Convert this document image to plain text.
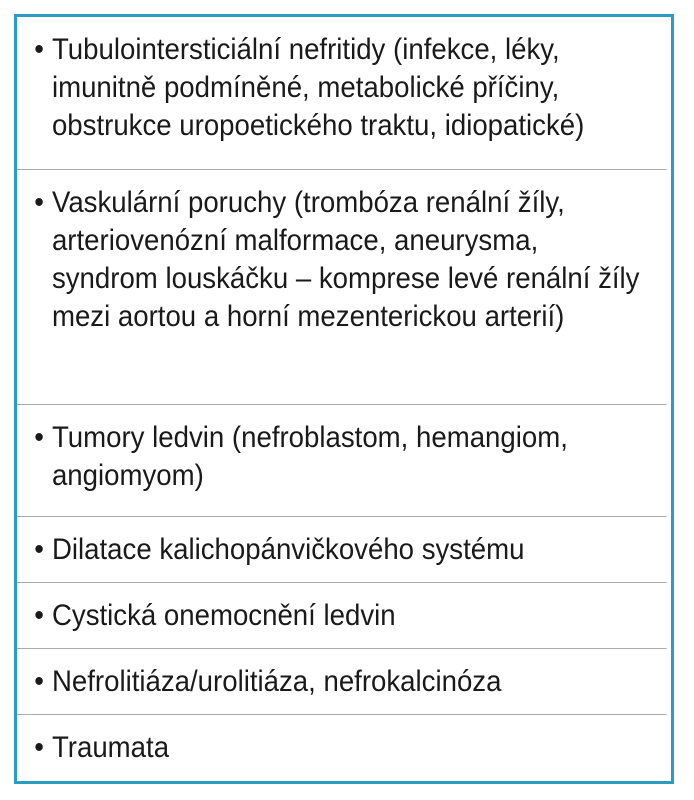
• Tubulointersticiální nefritidy (infekce, léky, imunitně podmíněné, metabolické příčiny, obstrukce uropoetického traktu, idiopatické)
• Vaskulární poruchy (trombóza renální žíly, arteriovenózní malformace, aneurysma, syndrom louskáčku – komprese levé renální žíly mezi aortou a horní mezenterickou arterií)
• Tumory ledvin (nefroblastom, hemangiom, angiomyom)
• Dilatace kalichopánvičkového systému
• Cystická onemocnění ledvin
• Nefrolitiáza/urolitiáza, nefrokalcinóza
• Traumata
